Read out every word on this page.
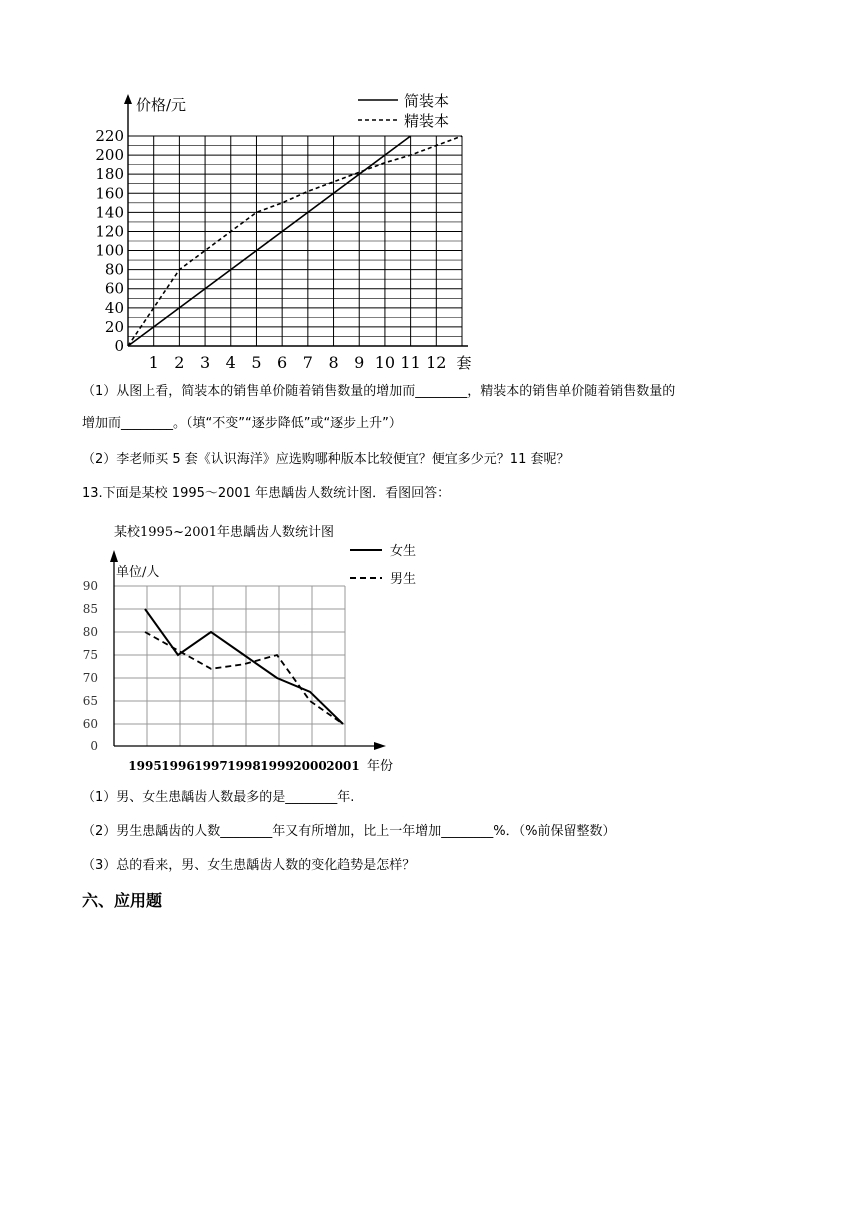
0
20
40
60
80
100
120
140
160
180
200
220
1 2 3 4 5 6 7 8 9 10 11 12 套
价格/元	简装本
精装本
（1）从图上看，简装本的销售单价随着销售数量的增加而________，精装本的销售单价随着销售数量的
增加而________。（填“不变”“逐步降低”或“逐步上升”）
（2）李老师买 5 套《认识海洋》应选购哪种版本比较便宜？便宜多少元？11 套呢？
13.下面是某校 1995～2001 年患龋齿人数统计图．看图回答：
某校1995~2001年患龋齿人数统计图
单位/人
0
60
65
70
75
80
85
90
1995 1996 1997 1998 1999 2000 2001 年份
女生
男生
（1）男、女生患龋齿人数最多的是________年.
（2）男生患龋齿的人数________年又有所增加，比上一年增加________%．（%前保留整数）
（3）总的看来，男、女生患龋齿人数的变化趋势是怎样？
六、应用题
